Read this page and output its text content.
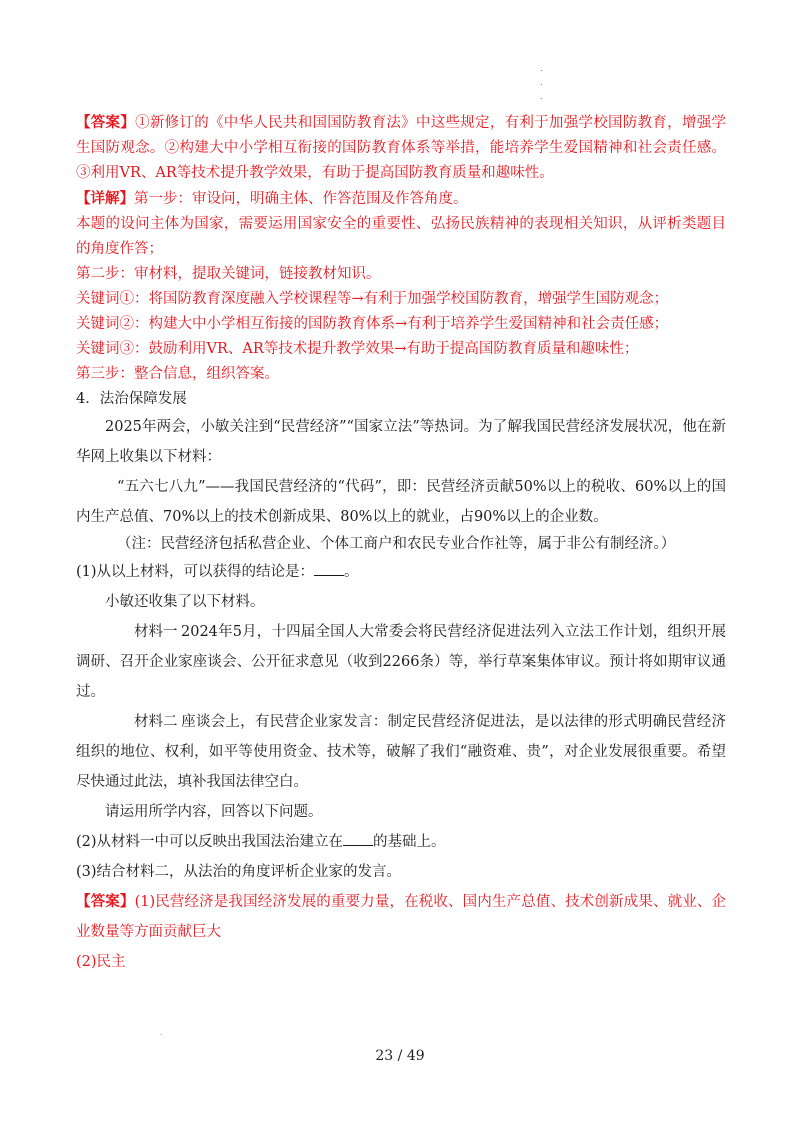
.
.
.

【答案】①新修订的《中华人民共和国国防教育法》中这些规定，有利于加强学校国防教育，增强学生国防观念。②构建大中小学相互衔接的国防教育体系等举措，能培养学生爱国精神和社会责任感。③利用VR、AR等技术提升教学效果，有助于提高国防教育质量和趣味性。

【详解】第一步：审设问，明确主体、作答范围及作答角度。

本题的设问主体为国家，需要运用国家安全的重要性、弘扬民族精神的表现相关知识，从评析类题目的角度作答；

第二步：审材料，提取关键词，链接教材知识。

关键词①：将国防教育深度融入学校课程等→有利于加强学校国防教育，增强学生国防观念；

关键词②：构建大中小学相互衔接的国防教育体系→有利于培养学生爱国精神和社会责任感；

关键词③：鼓励利用VR、AR等技术提升教学效果→有助于提高国防教育质量和趣味性；

第三步：整合信息，组织答案。

4．法治保障发展

2025年两会，小敏关注到“民营经济”“国家立法”等热词。为了解我国民营经济发展状况，他在新华网上收集以下材料：

“五六七八九”——我国民营经济的“代码”，即：民营经济贡献50%以上的税收、60%以上的国内生产总值、70%以上的技术创新成果、80%以上的就业，占90%以上的企业数。

（注：民营经济包括私营企业、个体工商户和农民专业合作社等，属于非公有制经济。）

(1)从以上材料，可以获得的结论是： 。

小敏还收集了以下材料。

材料一 2024年5月，十四届全国人大常委会将民营经济促进法列入立法工作计划，组织开展调研、召开企业家座谈会、公开征求意见（收到2266条）等，举行草案集体审议。预计将如期审议通过。

材料二 座谈会上，有民营企业家发言：制定民营经济促进法，是以法律的形式明确民营经济组织的地位、权利，如平等使用资金、技术等，破解了我们“融资难、贵”，对企业发展很重要。希望尽快通过此法，填补我国法律空白。

请运用所学内容，回答以下问题。

(2)从材料一中可以反映出我国法治建立在 的基础上。

(3)结合材料二，从法治的角度评析企业家的发言。

【答案】(1)民营经济是我国经济发展的重要力量，在税收、国内生产总值、技术创新成果、就业、企业数量等方面贡献巨大

(2)民主

.
23 / 49
